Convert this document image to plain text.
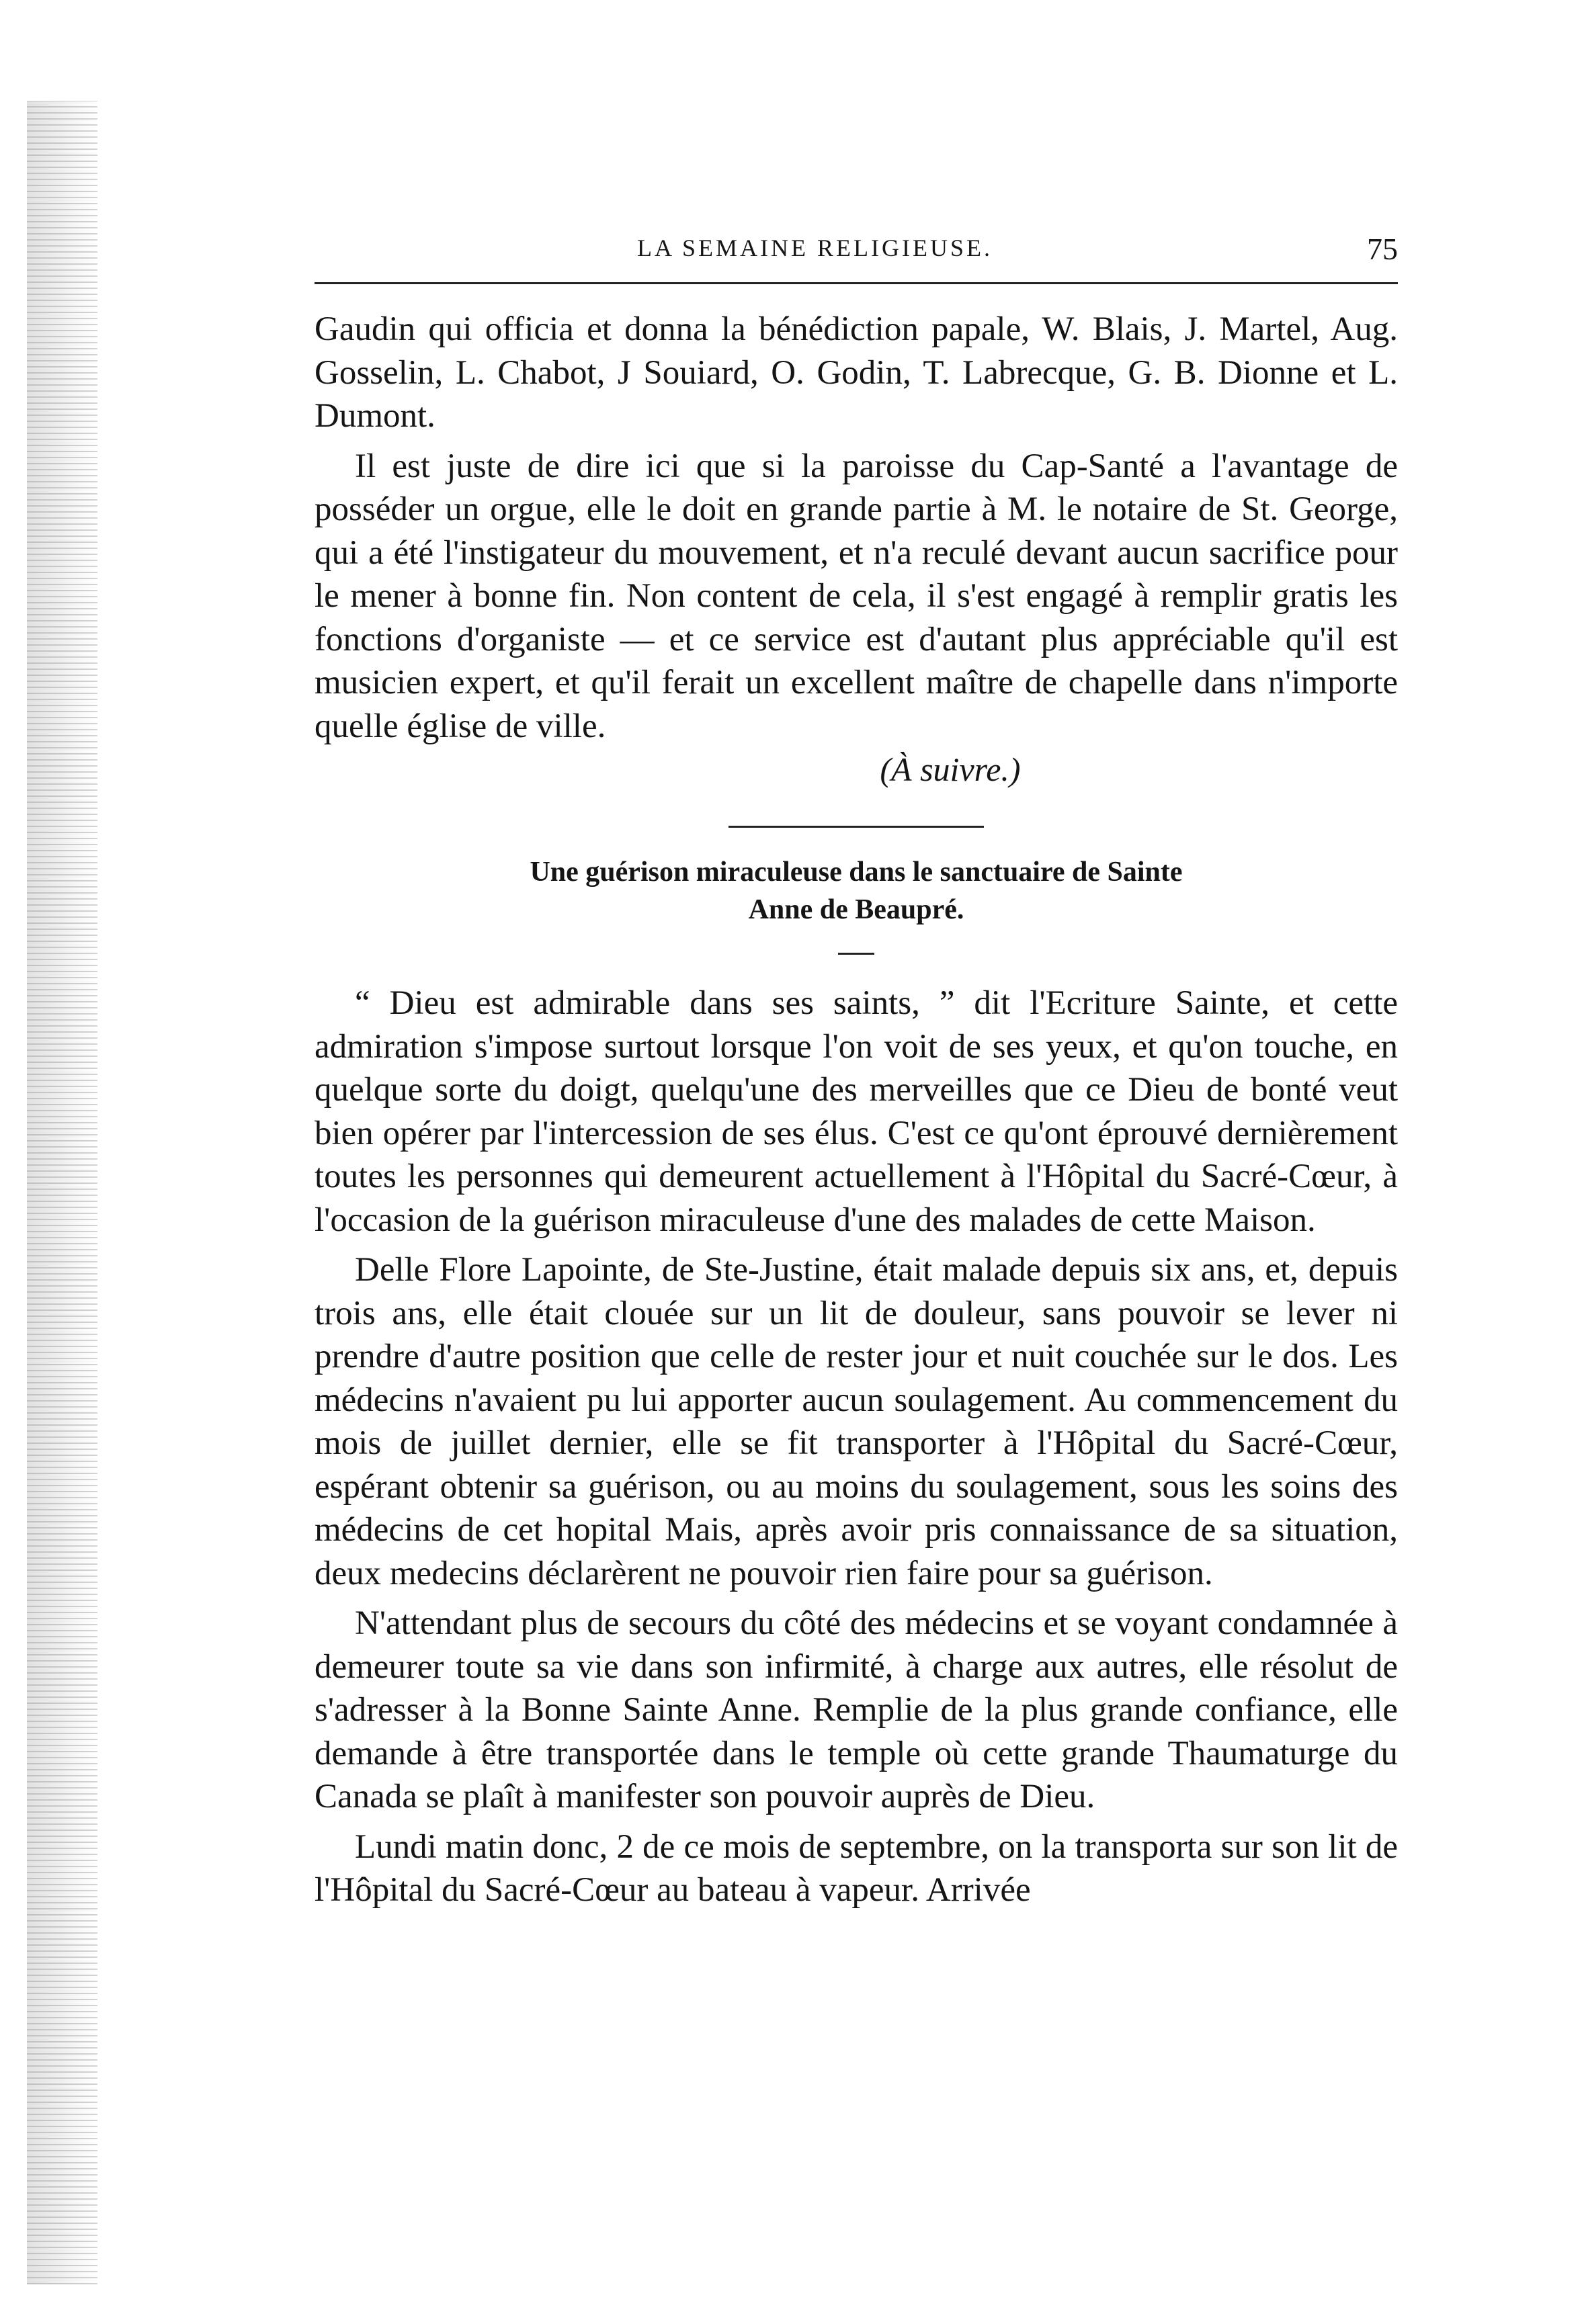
LA SEMAINE RELIGIEUSE.	75

Gaudin qui officia et donna la bénédiction papale, W. Blais, J. Martel, Aug. Gosselin, L. Chabot, J Souiard, O. Godin, T. Labrecque, G. B. Dionne et L. Dumont.

Il est juste de dire ici que si la paroisse du Cap-Santé a l'avantage de posséder un orgue, elle le doit en grande partie à M. le notaire de St. George, qui a été l'instigateur du mouvement, et n'a reculé devant aucun sacrifice pour le mener à bonne fin. Non content de cela, il s'est engagé à remplir gratis les fonctions d'organiste — et ce service est d'autant plus appréciable qu'il est musicien expert, et qu'il ferait un excellent maître de chapelle dans n'importe quelle église de ville.

(À suivre.)

Une guérison miraculeuse dans le sanctuaire de Sainte

Anne de Beaupré.

“ Dieu est admirable dans ses saints, ” dit l'Ecriture Sainte, et cette admiration s'impose surtout lorsque l'on voit de ses yeux, et qu'on touche, en quelque sorte du doigt, quelqu'une des merveilles que ce Dieu de bonté veut bien opérer par l'intercession de ses élus. C'est ce qu'ont éprouvé dernièrement toutes les personnes qui demeurent actuellement à l'Hôpital du Sacré-Cœur, à l'occasion de la guérison miraculeuse d'une des malades de cette Maison.

Delle Flore Lapointe, de Ste-Justine, était malade depuis six ans, et, depuis trois ans, elle était clouée sur un lit de douleur, sans pouvoir se lever ni prendre d'autre position que celle de rester jour et nuit couchée sur le dos. Les médecins n'avaient pu lui apporter aucun soulagement. Au commencement du mois de juillet dernier, elle se fit transporter à l'Hôpital du Sacré-Cœur, espérant obtenir sa guérison, ou au moins du soulagement, sous les soins des médecins de cet hopital Mais, après avoir pris connaissance de sa situation, deux medecins déclarèrent ne pouvoir rien faire pour sa guérison.

N'attendant plus de secours du côté des médecins et se voyant condamnée à demeurer toute sa vie dans son infirmité, à charge aux autres, elle résolut de s'adresser à la Bonne Sainte Anne. Remplie de la plus grande confiance, elle demande à être transportée dans le temple où cette grande Thaumaturge du Canada se plaît à manifester son pouvoir auprès de Dieu.

Lundi matin donc, 2 de ce mois de septembre, on la transporta sur son lit de l'Hôpital du Sacré-Cœur au bateau à vapeur. Arrivée
